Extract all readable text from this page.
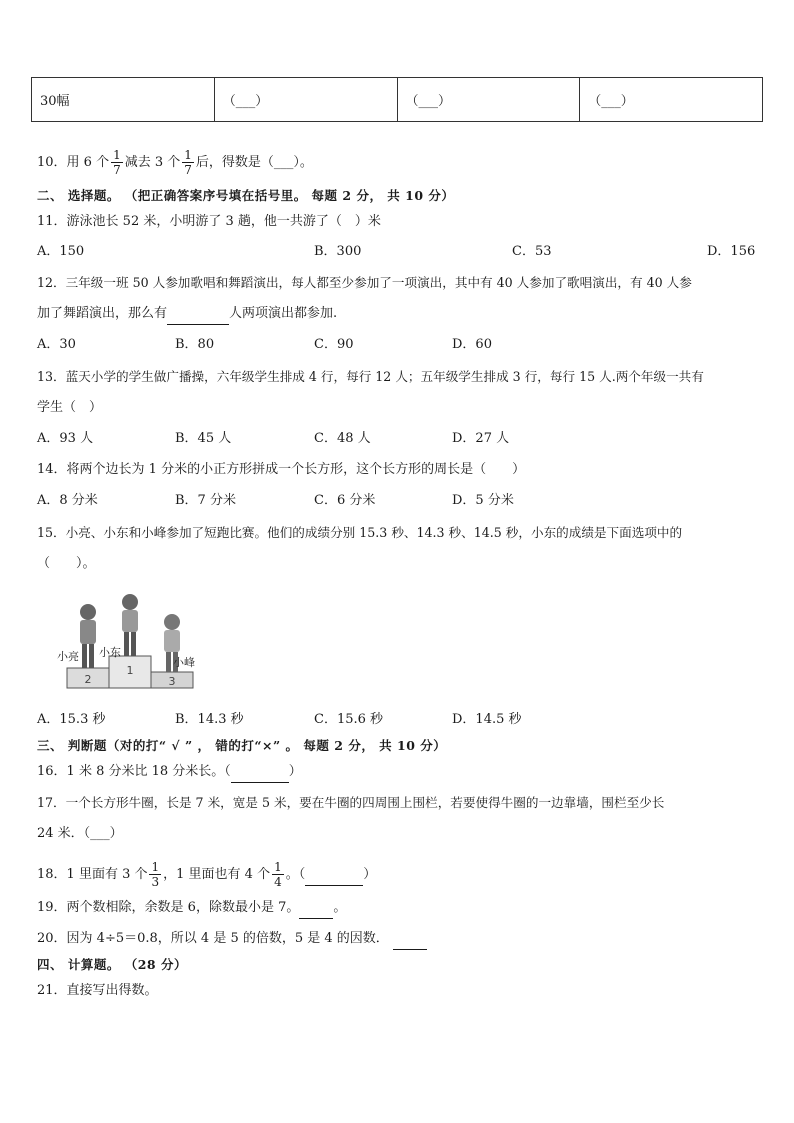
30幅	（___）	（___）	（___）
10．用 6 个 $\frac{1}{7}$ 减去 3 个 $\frac{1}{7}$ 后，得数是（___）。
二、 选择题。 （把正确答案序号填在括号里。 每题 2 分， 共 10 分）
11．游泳池长 52 米，小明游了 3 趟，他一共游了（　）米
A．150	B．300	C．53	D．156
12．三年级一班 50 人参加歌唱和舞蹈演出，每人都至少参加了一项演出，其中有 40 人参加了歌唱演出，有 40 人参
加了舞蹈演出，那么有	人两项演出都参加.
A．30	B．80	C．90	D．60
13．蓝天小学的学生做广播操，六年级学生排成 4 行，每行 12 人；五年级学生排成 3 行，每行 15 人.两个年级一共有
学生（　）
A．93 人	B．45 人	C．48 人	D．27 人
14．将两个边长为 1 分米的小正方形拼成一个长方形，这个长方形的周长是（　　）
A．8 分米	B．7 分米	C．6 分米	D．5 分米
15．小亮、小东和小峰参加了短跑比赛。他们的成绩分别 15.3 秒、14.3 秒、14.5 秒，小东的成绩是下面选项中的
（　　）。
2
1
3
小亮 小东
小峰
A．15.3 秒	B．14.3 秒	C．15.6 秒	D．14.5 秒
三、 判断题（对的打“ √ ” ， 错的打“×” 。 每题 2 分， 共 10 分）
16．1 米 8 分米比 18 分米长。（	）
17．一个长方形牛圈，长是 7 米，宽是 5 米，要在牛圈的四周围上围栏，若要使得牛圈的一边靠墙，围栏至少长
24 米．（___）
18．1 里面有 3 个 $\frac{1}{3}$ ，1 里面也有 4 个 $\frac{1}{4}$ 。（	）
19．两个数相除，余数是 6，除数最小是 7。	。
20．因为 4÷5＝0.8，所以 4 是 5 的倍数，5 是 4 的因数．
四、 计算题。 （28 分）
21．直接写出得数。
